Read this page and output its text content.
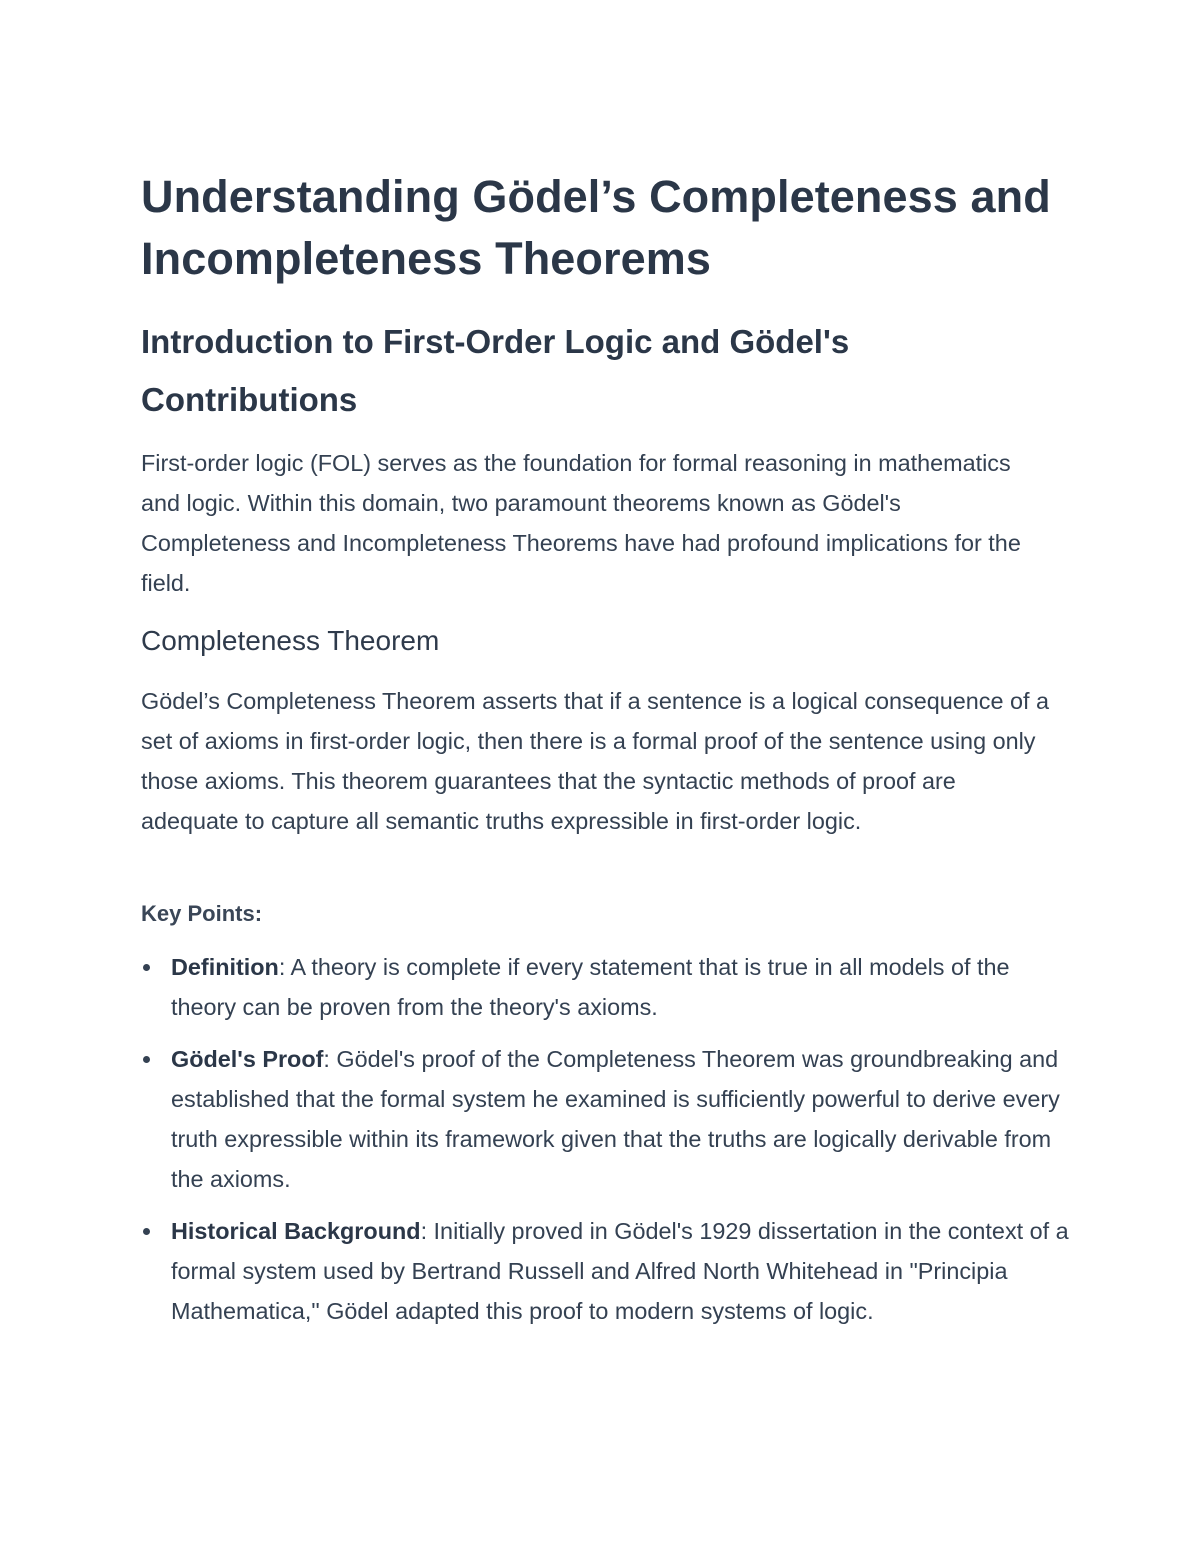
Understanding Gödel’s Completeness and Incompleteness Theorems
Introduction to First-Order Logic and Gödel's Contributions

First-order logic (FOL) serves as the foundation for formal reasoning in mathematics and logic. Within this domain, two paramount theorems known as Gödel's Completeness and Incompleteness Theorems have had profound implications for the field.

Completeness Theorem

Gödel’s Completeness Theorem asserts that if a sentence is a logical consequence of a set of axioms in first-order logic, then there is a formal proof of the sentence using only those axioms. This theorem guarantees that the syntactic methods of proof are adequate to capture all semantic truths expressible in first-order logic.

Key Points:

Definition: A theory is complete if every statement that is true in all models of the theory can be proven from the theory's axioms.
Gödel's Proof: Gödel's proof of the Completeness Theorem was groundbreaking and established that the formal system he examined is sufficiently powerful to derive every truth expressible within its framework given that the truths are logically derivable from the axioms.
Historical Background: Initially proved in Gödel's 1929 dissertation in the context of a formal system used by Bertrand Russell and Alfred North Whitehead in "Principia Mathematica," Gödel adapted this proof to modern systems of logic.
